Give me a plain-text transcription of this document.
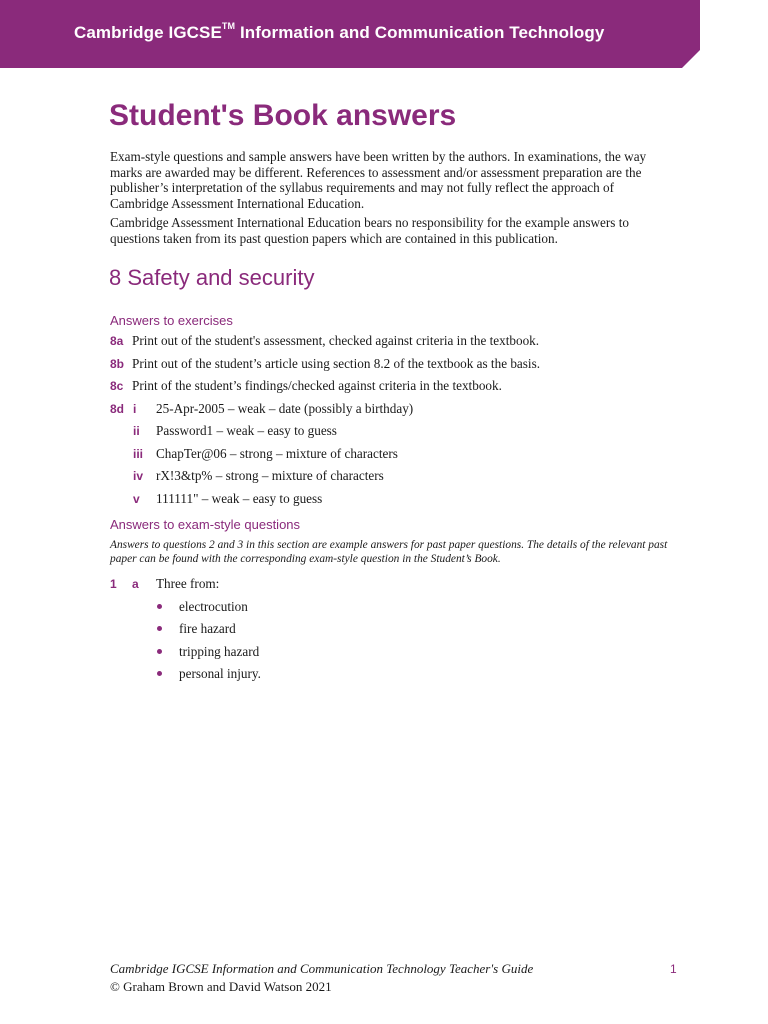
Cambridge IGCSE™ Information and Communication Technology
Student's Book answers

Exam-style questions and sample answers have been written by the authors. In examinations, the way marks are awarded may be different. References to assessment and/or assessment preparation are the publisher’s interpretation of the syllabus requirements and may not fully reflect the approach of Cambridge Assessment International Education.

Cambridge Assessment International Education bears no responsibility for the example answers to questions taken from its past question papers which are contained in this publication.

8 Safety and security
Answers to exercises
8a Print out of the student's assessment, checked against criteria in the textbook.
8b Print out of the student’s article using section 8.2 of the textbook as the basis.
8c Print of the student’s findings/checked against criteria in the textbook.
8d i 25-Apr-2005 – weak – date (possibly a birthday)
ii Password1 – weak – easy to guess
iii ChapTer@06 – strong – mixture of characters
iv rX!3&tp% – strong – mixture of characters
v 111111" – weak – easy to guess
Answers to exam-style questions
Answers to questions 2 and 3 in this section are example answers for past paper questions. The details of the relevant past paper can be found with the corresponding exam-style question in the Student’s Book.
1 a Three from:
electrocution
fire hazard
tripping hazard
personal injury.
Cambridge IGCSE Information and Communication Technology Teacher's Guide
© Graham Brown and David Watson 2021
1
